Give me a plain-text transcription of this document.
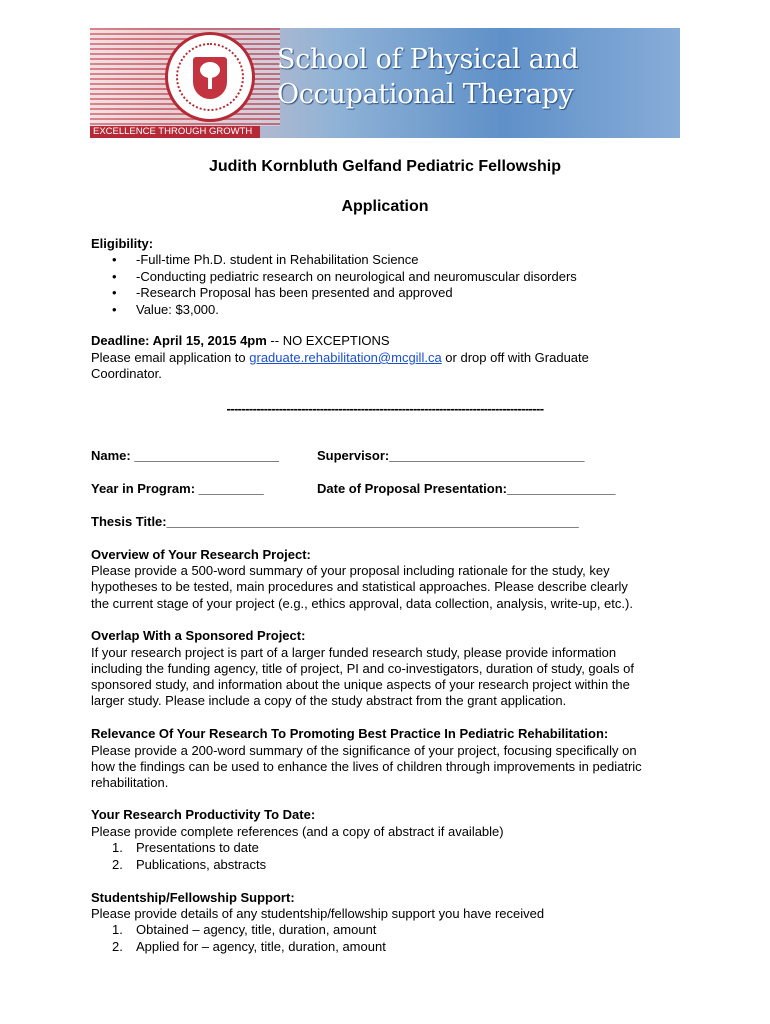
School of Physical and
Occupational Therapy
EXCELLENCE THROUGH GROWTH
Judith Kornbluth Gelfand Pediatric Fellowship
Application
Eligibility:
• -Full-time Ph.D. student in Rehabilitation Science
• -Conducting pediatric research on neurological and neuromuscular disorders
• -Research Proposal has been presented and approved
• Value: $3,000.
Deadline: April 15, 2015 4pm -- NO EXCEPTIONS
Please email application to graduate.rehabilitation@mcgill.ca or drop off with Graduate
Coordinator.
-------------------------------------------------------------------------------------
Name: ____________________	Supervisor:___________________________
Year in Program: _________	Date of Proposal Presentation:_______________
Thesis Title:_________________________________________________________
Overview of Your Research Project:
Please provide a 500-word summary of your proposal including rationale for the study, key
hypotheses to be tested, main procedures and statistical approaches. Please describe clearly
the current stage of your project (e.g., ethics approval, data collection, analysis, write-up, etc.).
Overlap With a Sponsored Project:
If your research project is part of a larger funded research study, please provide information
including the funding agency, title of project, PI and co-investigators, duration of study, goals of
sponsored study, and information about the unique aspects of your research project within the
larger study. Please include a copy of the study abstract from the grant application.
Relevance Of Your Research To Promoting Best Practice In Pediatric Rehabilitation:
Please provide a 200-word summary of the significance of your project, focusing specifically on
how the findings can be used to enhance the lives of children through improvements in pediatric
rehabilitation.
Your Research Productivity To Date:
Please provide complete references (and a copy of abstract if available)
1. Presentations to date
2. Publications, abstracts
Studentship/Fellowship Support:
Please provide details of any studentship/fellowship support you have received
1. Obtained – agency, title, duration, amount
2. Applied for – agency, title, duration, amount
